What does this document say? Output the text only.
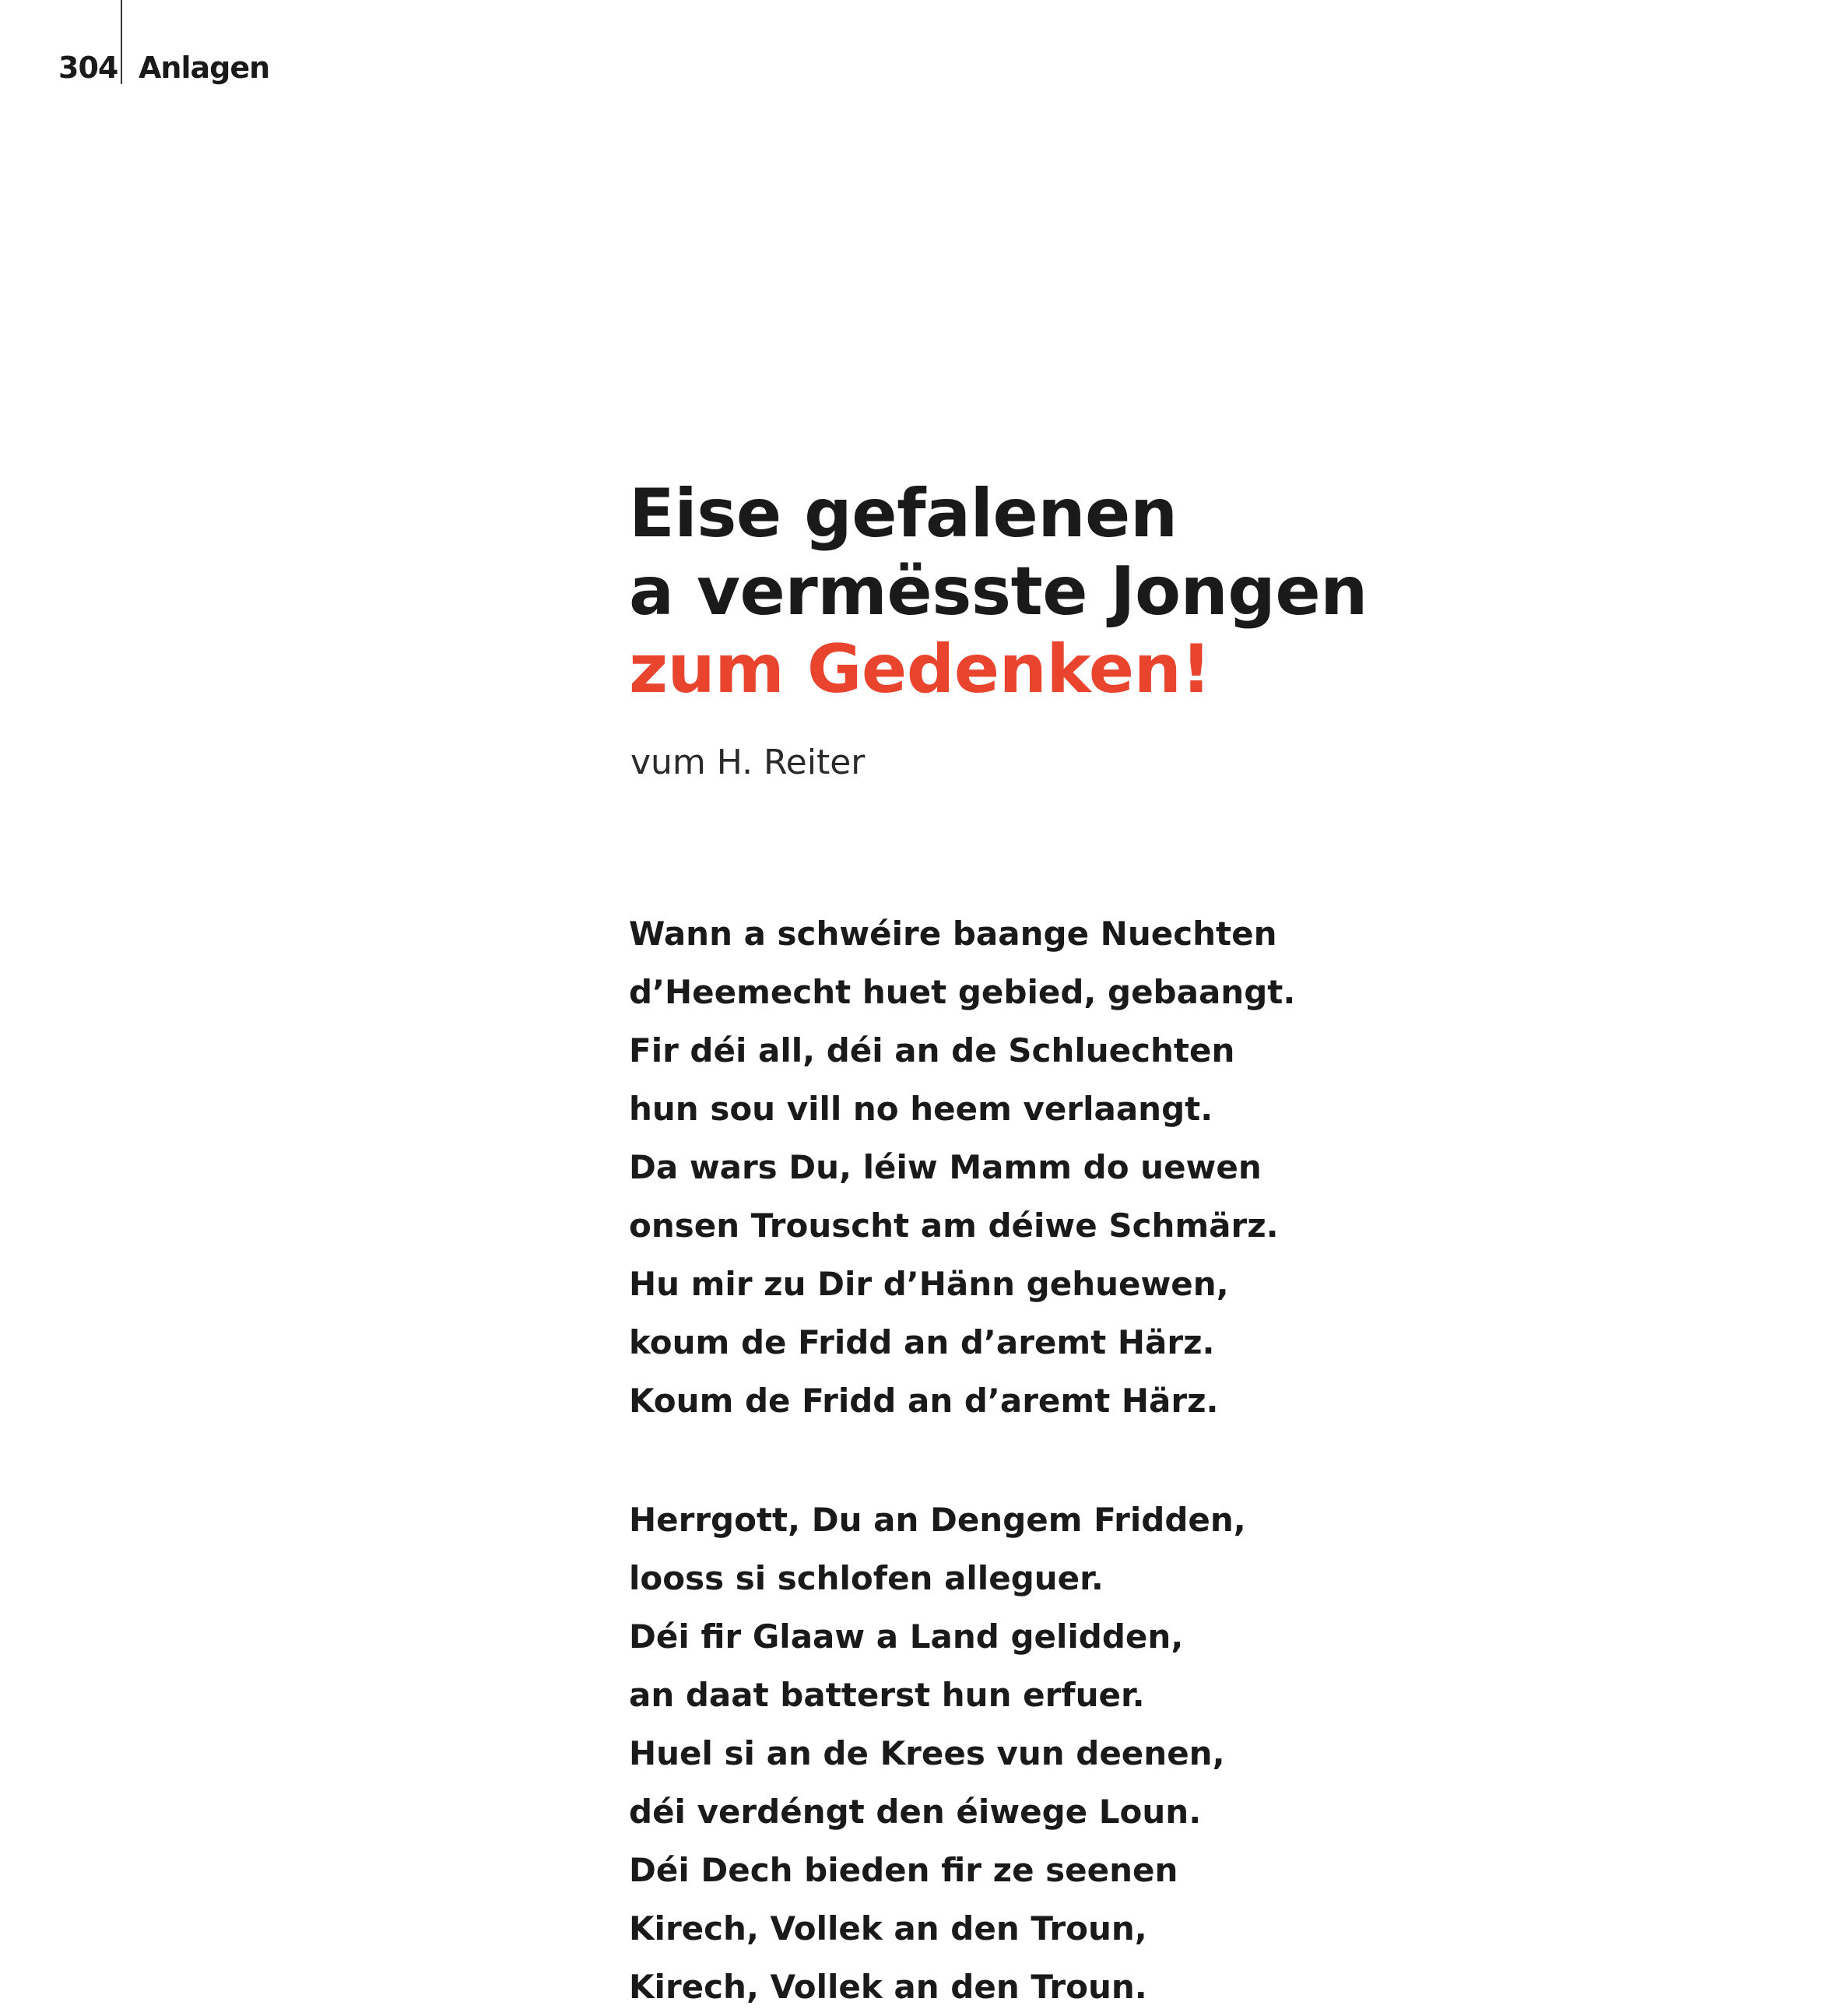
304 Anlagen
Eise gefalenen
a vermësste Jongen
zum Gedenken!
vum H. Reiter
Wann a schwéire baange Nuechten
d’Heemecht huet gebied, gebaangt.
Fir déi all, déi an de Schluechten
hun sou vill no heem verlaangt.
Da wars Du, léiw Mamm do uewen
onsen Trouscht am déiwe Schmärz.
Hu mir zu Dir d’Hänn gehuewen,
koum de Fridd an d’aremt Härz.
Koum de Fridd an d’aremt Härz.
Herrgott, Du an Dengem Fridden,
looss si schlofen alleguer.
Déi fir Glaaw a Land gelidden,
an daat batterst hun erfuer.
Huel si an de Krees vun deenen,
déi verdéngt den éiwege Loun.
Déi Dech bieden fir ze seenen
Kirech, Vollek an den Troun,
Kirech, Vollek an den Troun.
